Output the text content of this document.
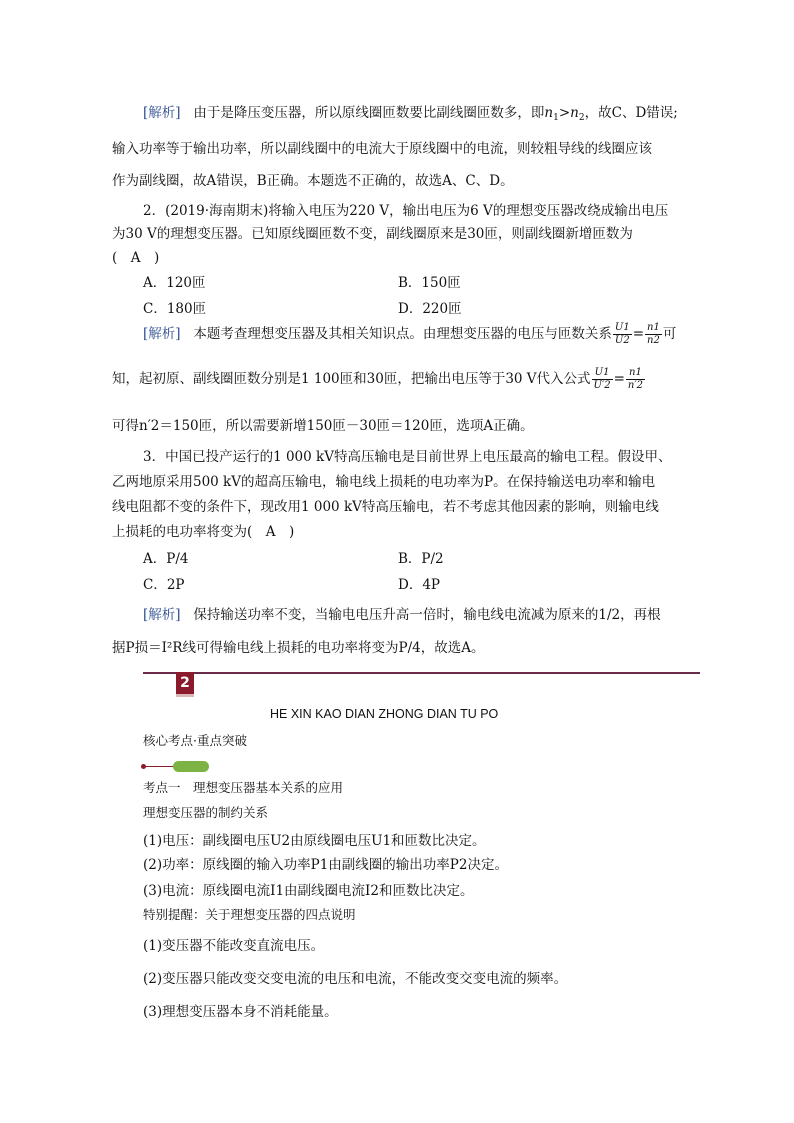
[解析] 由于是降压变压器，所以原线圈匝数要比副线圈匝数多，即$n_1>n_2$，故C、D错误;
输入功率等于输出功率，所以副线圈中的电流大于原线圈中的电流，则较粗导线的线圈应该
作为副线圈，故A错误，B正确。本题选不正确的，故选A、C、D。
2．(2019·海南期末)将输入电压为220 V，输出电压为6 V的理想变压器改绕成输出电压
为30 V的理想变压器。已知原线圈匝数不变，副线圈原来是30匝，则副线圈新增匝数为
(　A　)
A．120匝	B．150匝
C．180匝	D．220匝
[解析] 本题考查理想变压器及其相关知识点。由理想变压器的电压与匝数关系 $\frac{U1}{U2} = \frac{n1}{n2}$ 可
知，起初原、副线圈匝数分别是1 100匝和30匝，把输出电压等于30 V代入公式 $\frac{U1}{U'2} = \frac{n1}{n'2}$
可得n′2＝150匝，所以需要新增150匝－30匝＝120匝，选项A正确。
3．中国已投产运行的1 000 kV特高压输电是目前世界上电压最高的输电工程。假设甲、
乙两地原采用500 kV的超高压输电，输电线上损耗的电功率为P。在保持输送电功率和输电
线电阻都不变的条件下，现改用1 000 kV特高压输电，若不考虑其他因素的影响，则输电线
上损耗的电功率将变为(　A　)
A．P/4	B．P/2
C．2P	D．4P
[解析] 保持输送功率不变，当输电电压升高一倍时，输电线电流减为原来的1/2，再根
据P损＝I²R线可得输电线上损耗的电功率将变为P/4，故选A。
2
HE XIN KAO DIAN ZHONG DIAN TU PO
核心考点·重点突破
考点一　理想变压器基本关系的应用
理想变压器的制约关系
(1)电压：副线圈电压U2由原线圈电压U1和匝数比决定。
(2)功率：原线圈的输入功率P1由副线圈的输出功率P2决定。
(3)电流：原线圈电流I1由副线圈电流I2和匝数比决定。
特别提醒：关于理想变压器的四点说明
(1)变压器不能改变直流电压。
(2)变压器只能改变交变电流的电压和电流，不能改变交变电流的频率。
(3)理想变压器本身不消耗能量。
